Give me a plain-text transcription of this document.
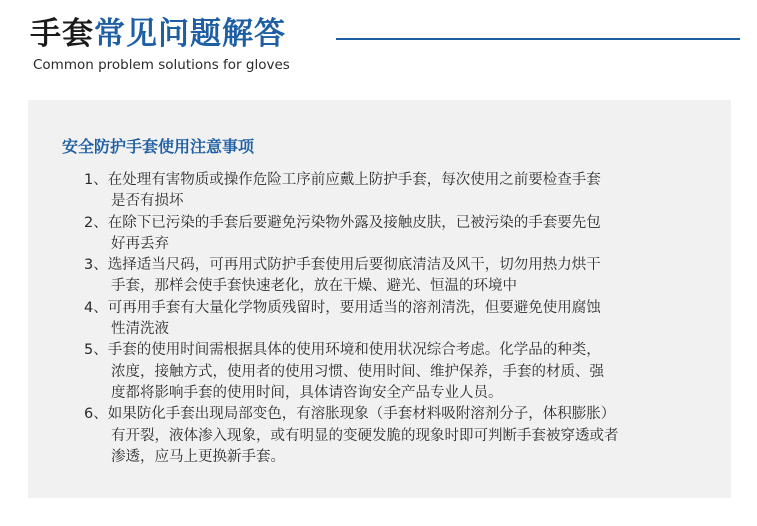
手套常见问题解答
Common problem solutions for gloves
安全防护手套使用注意事项
1、在处理有害物质或操作危险工序前应戴上防护手套，每次使用之前要检查手套
是否有损坏
2、在除下已污染的手套后要避免污染物外露及接触皮肤，已被污染的手套要先包
好再丢弃
3、选择适当尺码，可再用式防护手套使用后要彻底清洁及风干，切勿用热力烘干
手套，那样会使手套快速老化，放在干燥、避光、恒温的环境中
4、可再用手套有大量化学物质残留时，要用适当的溶剂清洗，但要避免使用腐蚀
性清洗液
5、手套的使用时间需根据具体的使用环境和使用状况综合考虑。化学品的种类，
浓度，接触方式，使用者的使用习惯、使用时间、维护保养，手套的材质、强
度都将影响手套的使用时间，具体请咨询安全产品专业人员。
6、如果防化手套出现局部变色，有溶胀现象（手套材料吸附溶剂分子，体积膨胀）
有开裂，液体渗入现象，或有明显的变硬发脆的现象时即可判断手套被穿透或者
渗透，应马上更换新手套。
